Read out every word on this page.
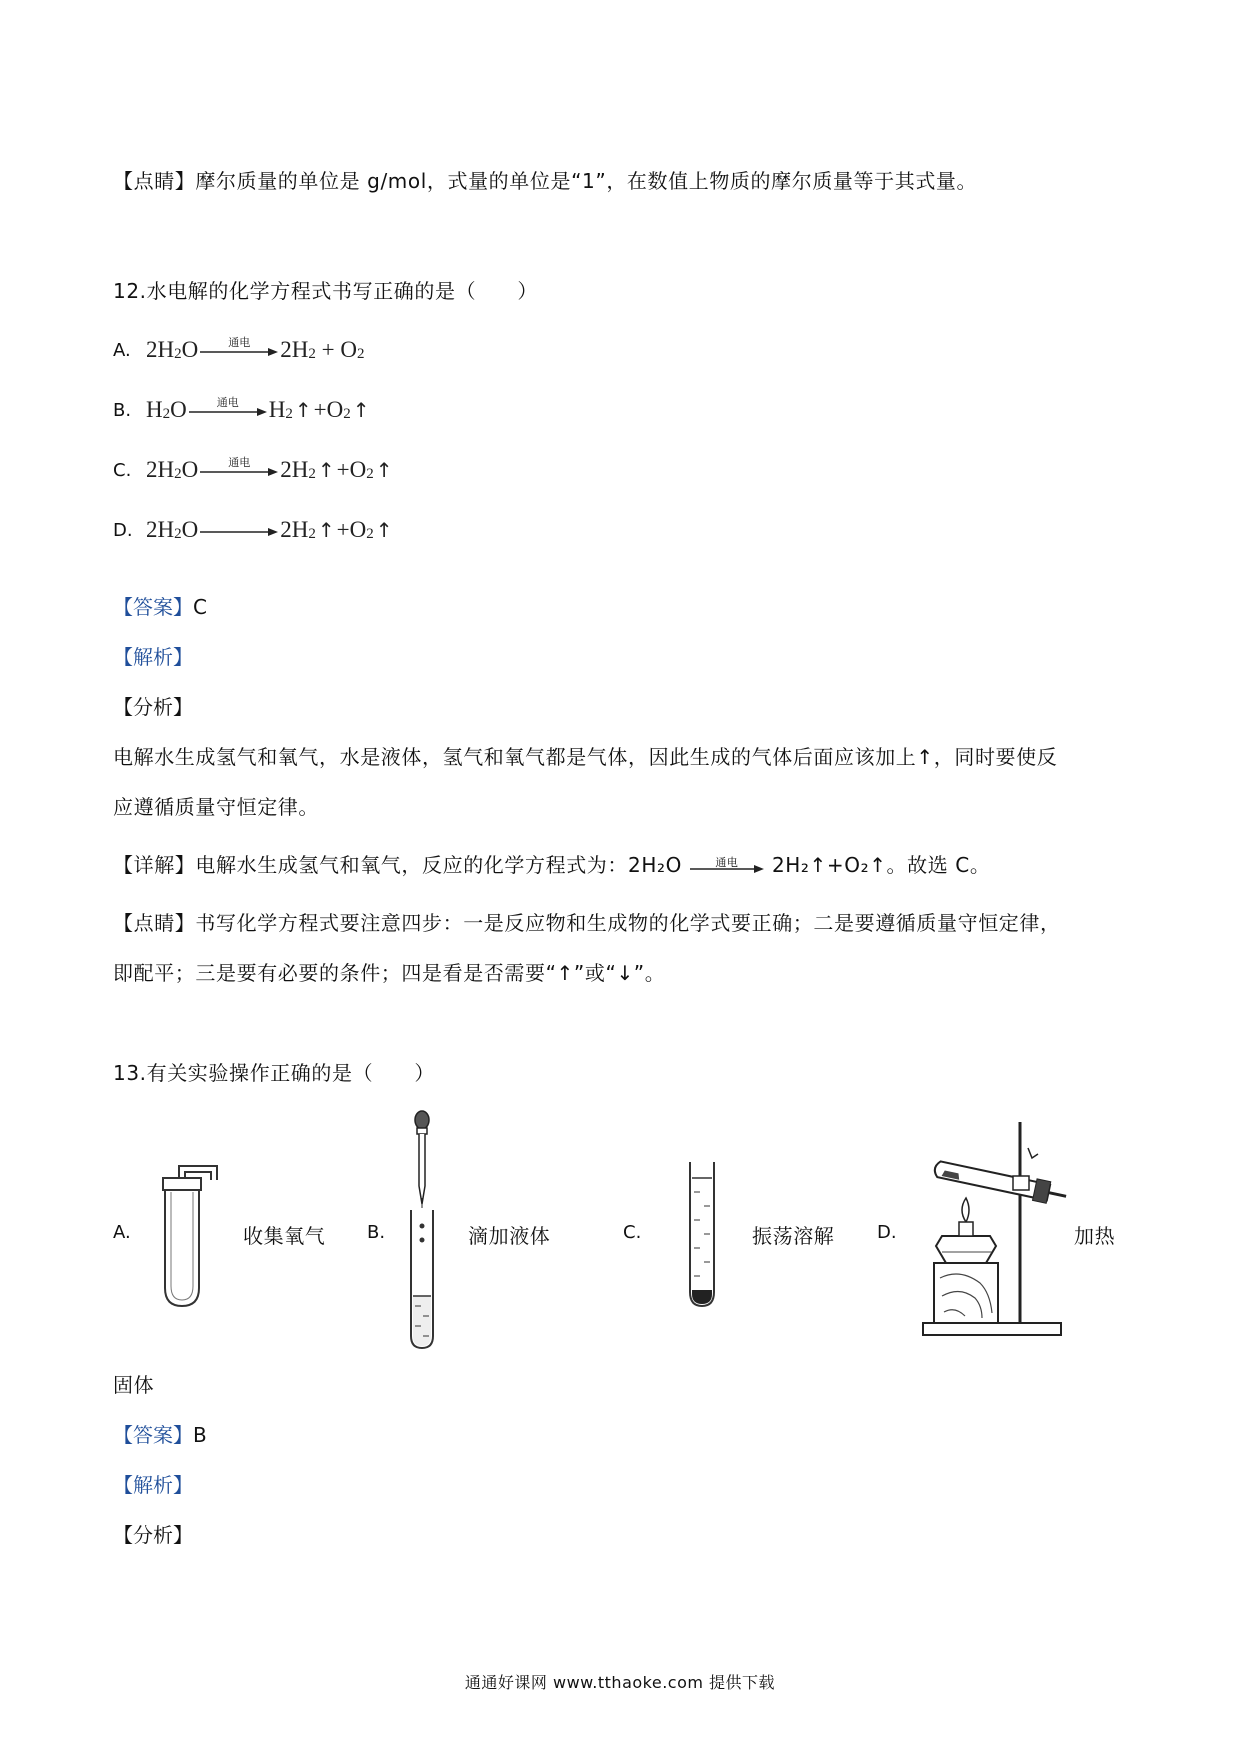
【点睛】摩尔质量的单位是 g/mol，式量的单位是“1”，在数值上物质的摩尔质量等于其式量。
12.水电解的化学方程式书写正确的是（　　）
A. $2H_2$ O	通电	$2H_2 + O_2$
B. $H_2$ O	通电	$H_2$ ↑ $+O_2$ ↑
C. $2H_2$ O	通电	$2H_2$ ↑ $+O_2$ ↑
D. $2H_2$ $O \to 2H_2$ ↑ $+O_2$ ↑
【答案】C
【解析】
【分析】
电解水生成氢气和氧气，水是液体，氢气和氧气都是气体，因此生成的气体后面应该加上↑，同时要使反
应遵循质量守恒定律。
【详解】电解水生成氢气和氧气，反应的化学方程式为：2H₂O	通电	2H₂↑+O₂↑。故选 C。
【点睛】书写化学方程式要注意四步：一是反应物和生成物的化学式要正确；二是要遵循质量守恒定律，
即配平；三是要有必要的条件；四是看是否需要“↑”或“↓”。
13.有关实验操作正确的是（　　）
A.	收集氧气 B.	滴加液体	C.	振荡溶解 D.	加热
固体
【答案】B
【解析】
【分析】
通通好课网 www.tthaoke.com 提供下载
